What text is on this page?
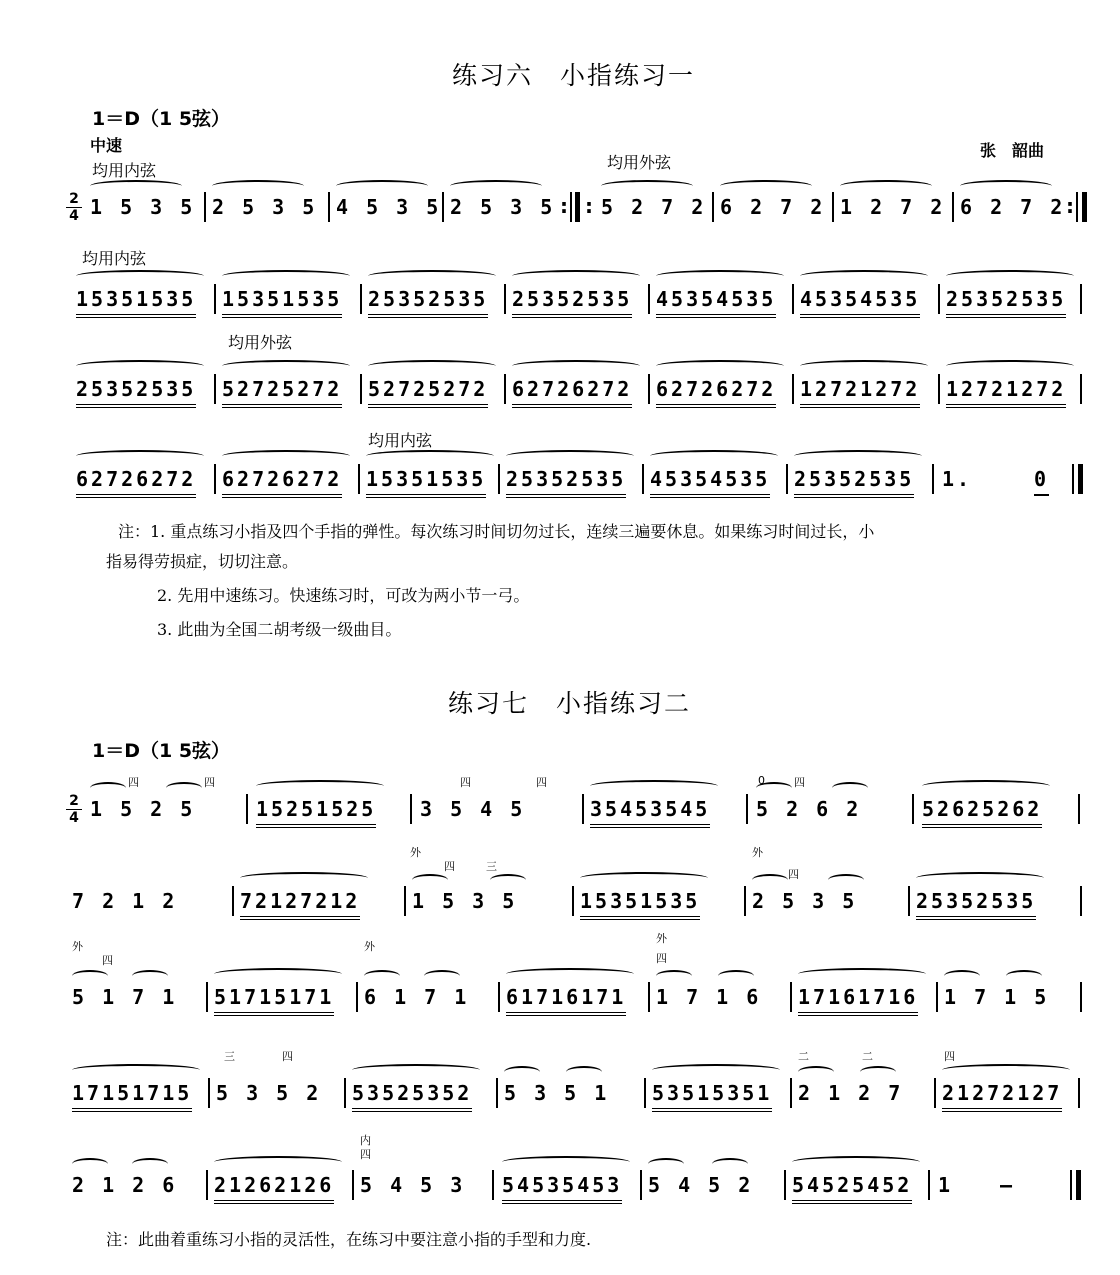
练习六　小指练习一
1＝D（1 5弦）
中速	张　韶曲
均用内弦	均用外弦
2
4 1 5 3 5 2 5 3 5 4 5 3 5 2 5 3 5 : : 5 2 7 2 6 2 7 2 1 2 7 2 6 2 7 2 :
均用内弦
15351535 15351535 25352535 25352535 45354535 45354535 25352535
均用外弦
25352535 52725272 52725272 62726272 62726272 12721272 12721272
均用内弦
62726272 62726272 15351535 25352535 45354535 25352535 1.	0
注：1. 重点练习小指及四个手指的弹性。每次练习时间切勿过长，连续三遍要休息。如果练习时间过长，小
指易得劳损症，切切注意。
2. 先用中速练习。快速练习时，可改为两小节一弓。
3. 此曲为全国二胡考级一级曲目。
练习七　小指练习二
1＝D（1 5弦）
2
4
四	四
1 5 2 5	15251525
四	四
3 5 4 5	35453545
0	四
5 2 6 2	52625262
7 2 1 2	72127212
外
四	三
1 5 3 5	15351535
外
四
2 5 3 5	25352535
外
四
5 1 7 1 51715171
外
6 1 7 1 61716171
外
四
1 7 1 6 17161716 1 7 1 5
17151715
三	四
5 3 5 2 53525352 5 3 5 1 53515351
二	二
2 1 2 7
四
21272127
2 1 2 6 21262126
内
四
5 4 5 3 54535453 5 4 5 2 54525452 1 –
注：此曲着重练习小指的灵活性，在练习中要注意小指的手型和力度.
